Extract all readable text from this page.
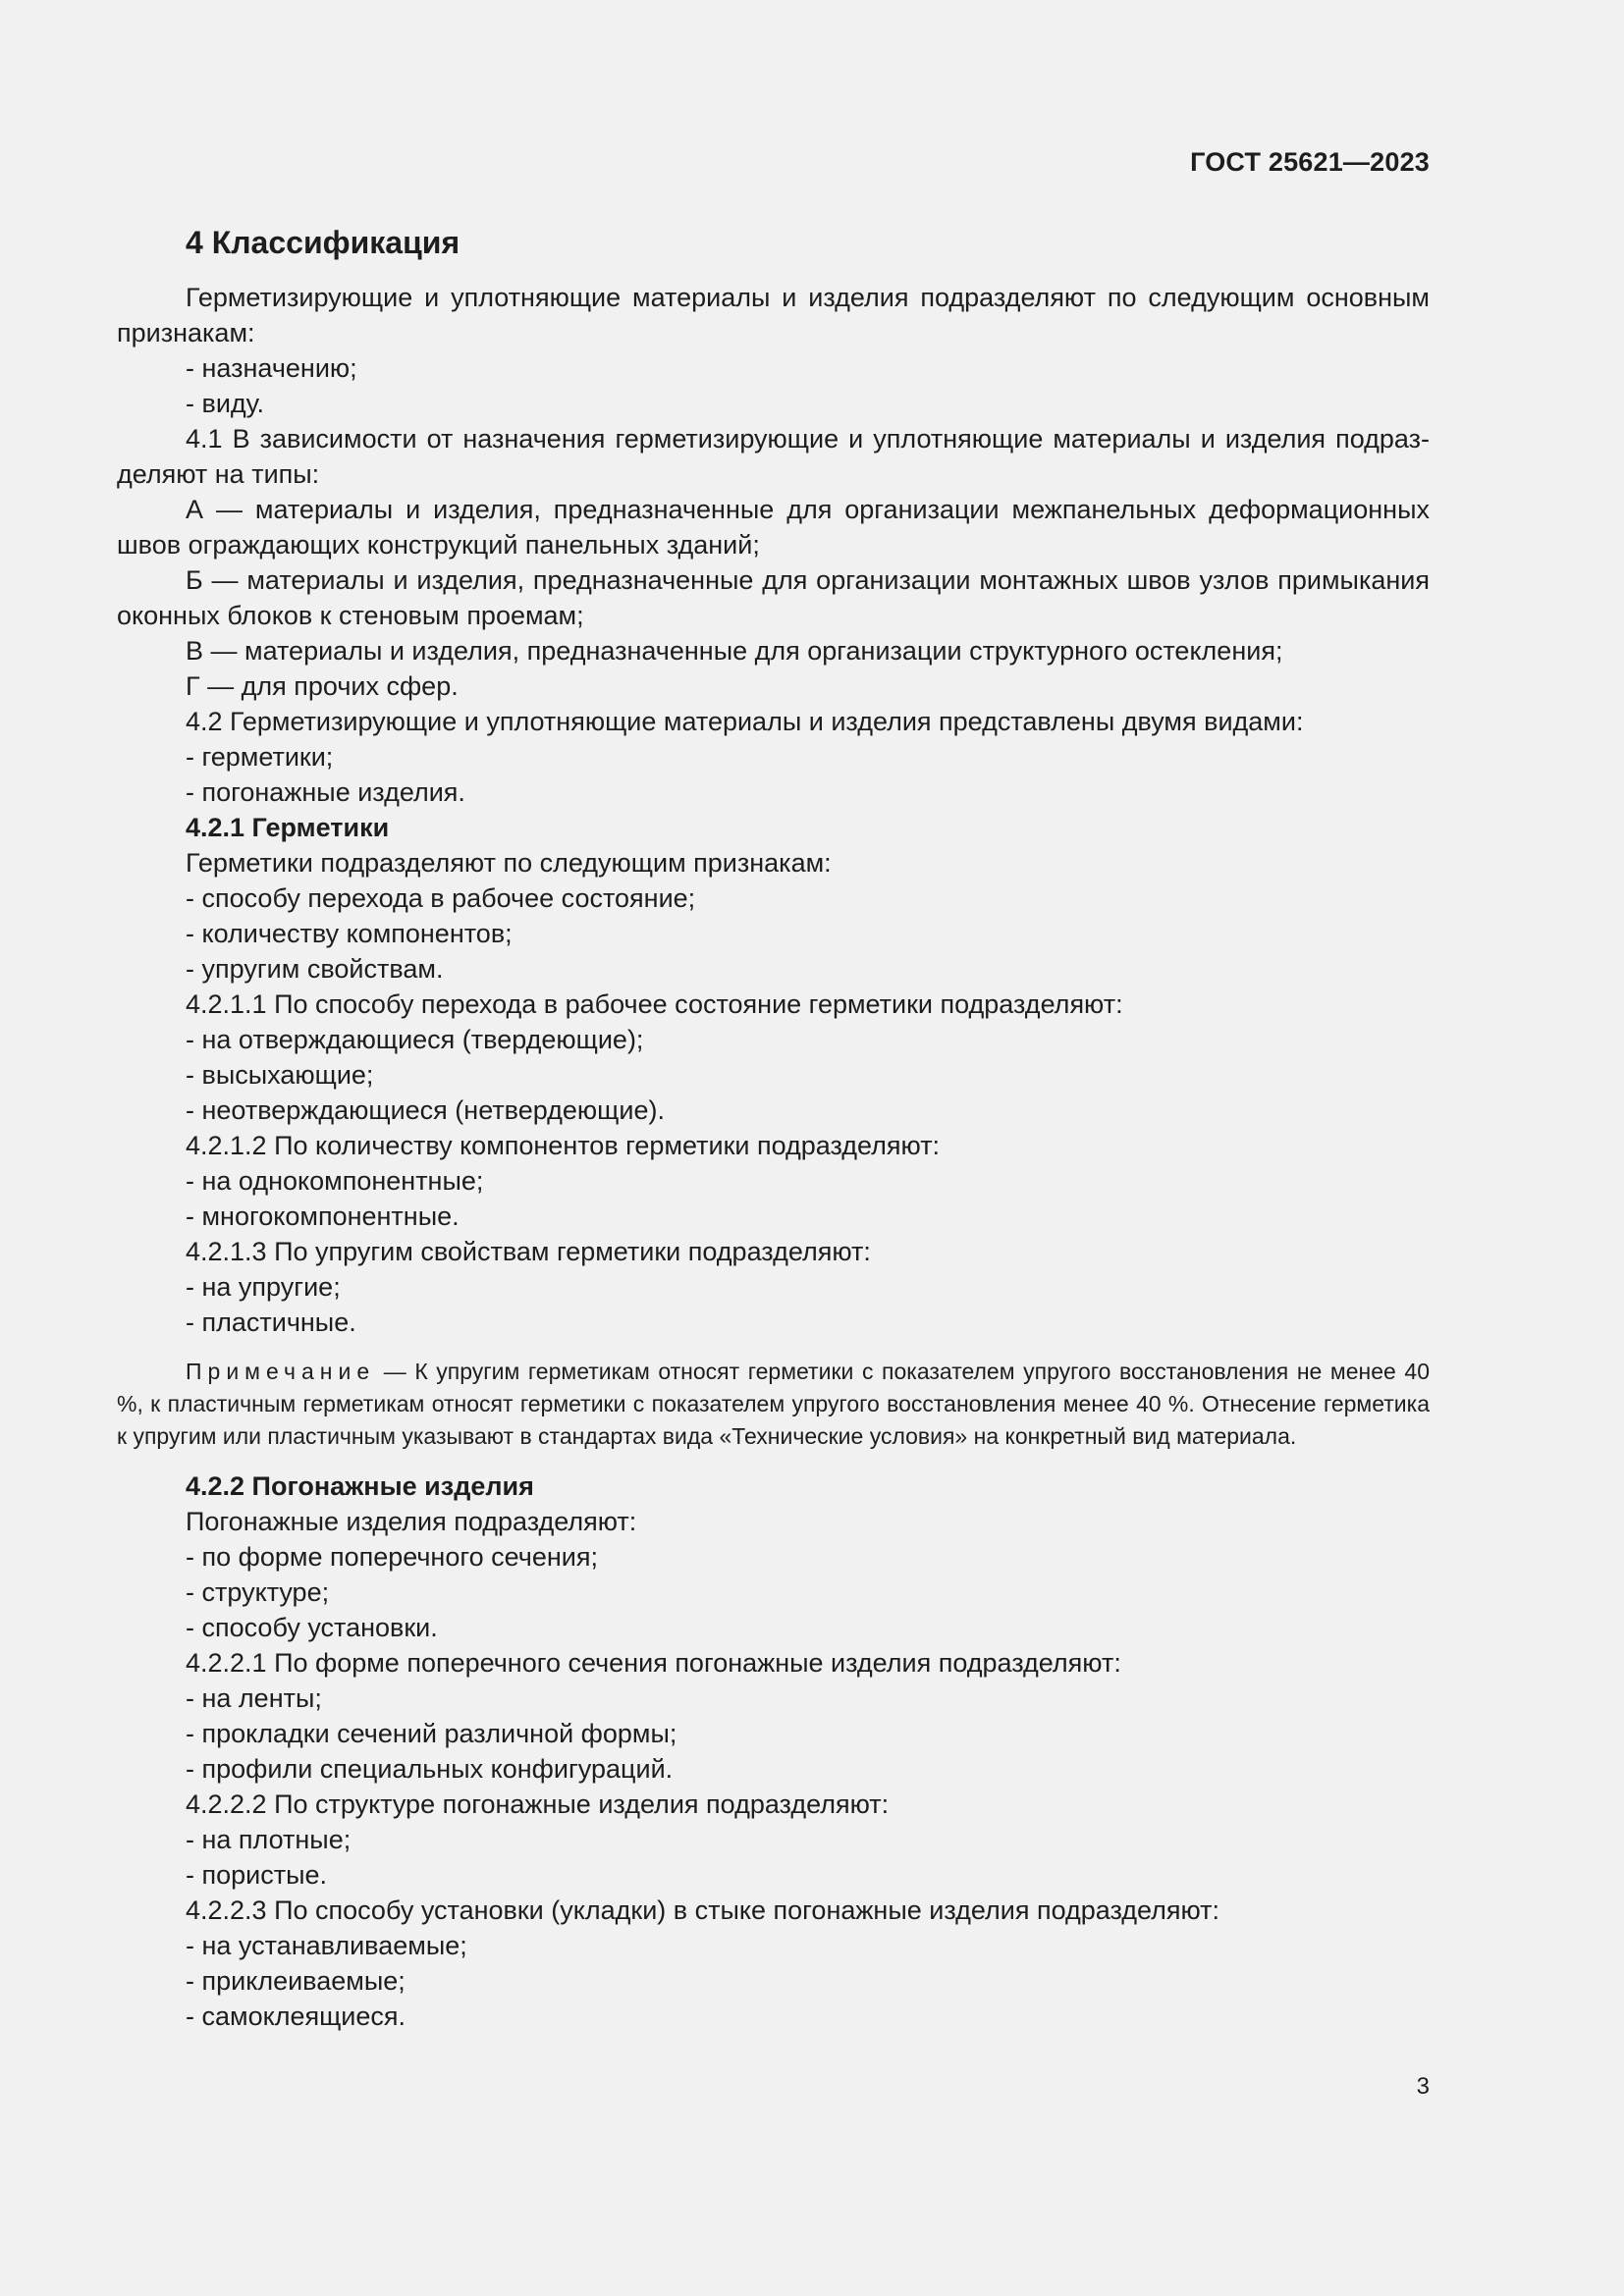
ГОСТ 25621—2023

4 Классификация

Герметизирующие и уплотняющие материалы и изделия подразделяют по следующим основным признакам:

- назначению;

- виду.

4.1 В зависимости от назначения герметизирующие и уплотняющие материалы и изделия подразделяют на типы:

А — материалы и изделия, предназначенные для организации межпанельных деформационных швов ограждающих конструкций панельных зданий;

Б — материалы и изделия, предназначенные для организации монтажных швов узлов примыкания оконных блоков к стеновым проемам;

В — материалы и изделия, предназначенные для организации структурного остекления;

Г — для прочих сфер.

4.2 Герметизирующие и уплотняющие материалы и изделия представлены двумя видами:

- герметики;

- погонажные изделия.

4.2.1 Герметики

Герметики подразделяют по следующим признакам:

- способу перехода в рабочее состояние;

- количеству компонентов;

- упругим свойствам.

4.2.1.1 По способу перехода в рабочее состояние герметики подразделяют:

- на отверждающиеся (твердеющие);

- высыхающие;

- неотверждающиеся (нетвердеющие).

4.2.1.2 По количеству компонентов герметики подразделяют:

- на однокомпонентные;

- многокомпонентные.

4.2.1.3 По упругим свойствам герметики подразделяют:

- на упругие;

- пластичные.

Примечание — К упругим герметикам относят герметики с показателем упругого восстановления не менее 40 %, к пластичным герметикам относят герметики с показателем упругого восстановления менее 40 %. Отнесение герметика к упругим или пластичным указывают в стандартах вида «Технические условия» на конкретный вид материала.

4.2.2 Погонажные изделия

Погонажные изделия подразделяют:

- по форме поперечного сечения;

- структуре;

- способу установки.

4.2.2.1 По форме поперечного сечения погонажные изделия подразделяют:

- на ленты;

- прокладки сечений различной формы;

- профили специальных конфигураций.

4.2.2.2 По структуре погонажные изделия подразделяют:

- на плотные;

- пористые.

4.2.2.3 По способу установки (укладки) в стыке погонажные изделия подразделяют:

- на устанавливаемые;

- приклеиваемые;

- самоклеящиеся.

3
